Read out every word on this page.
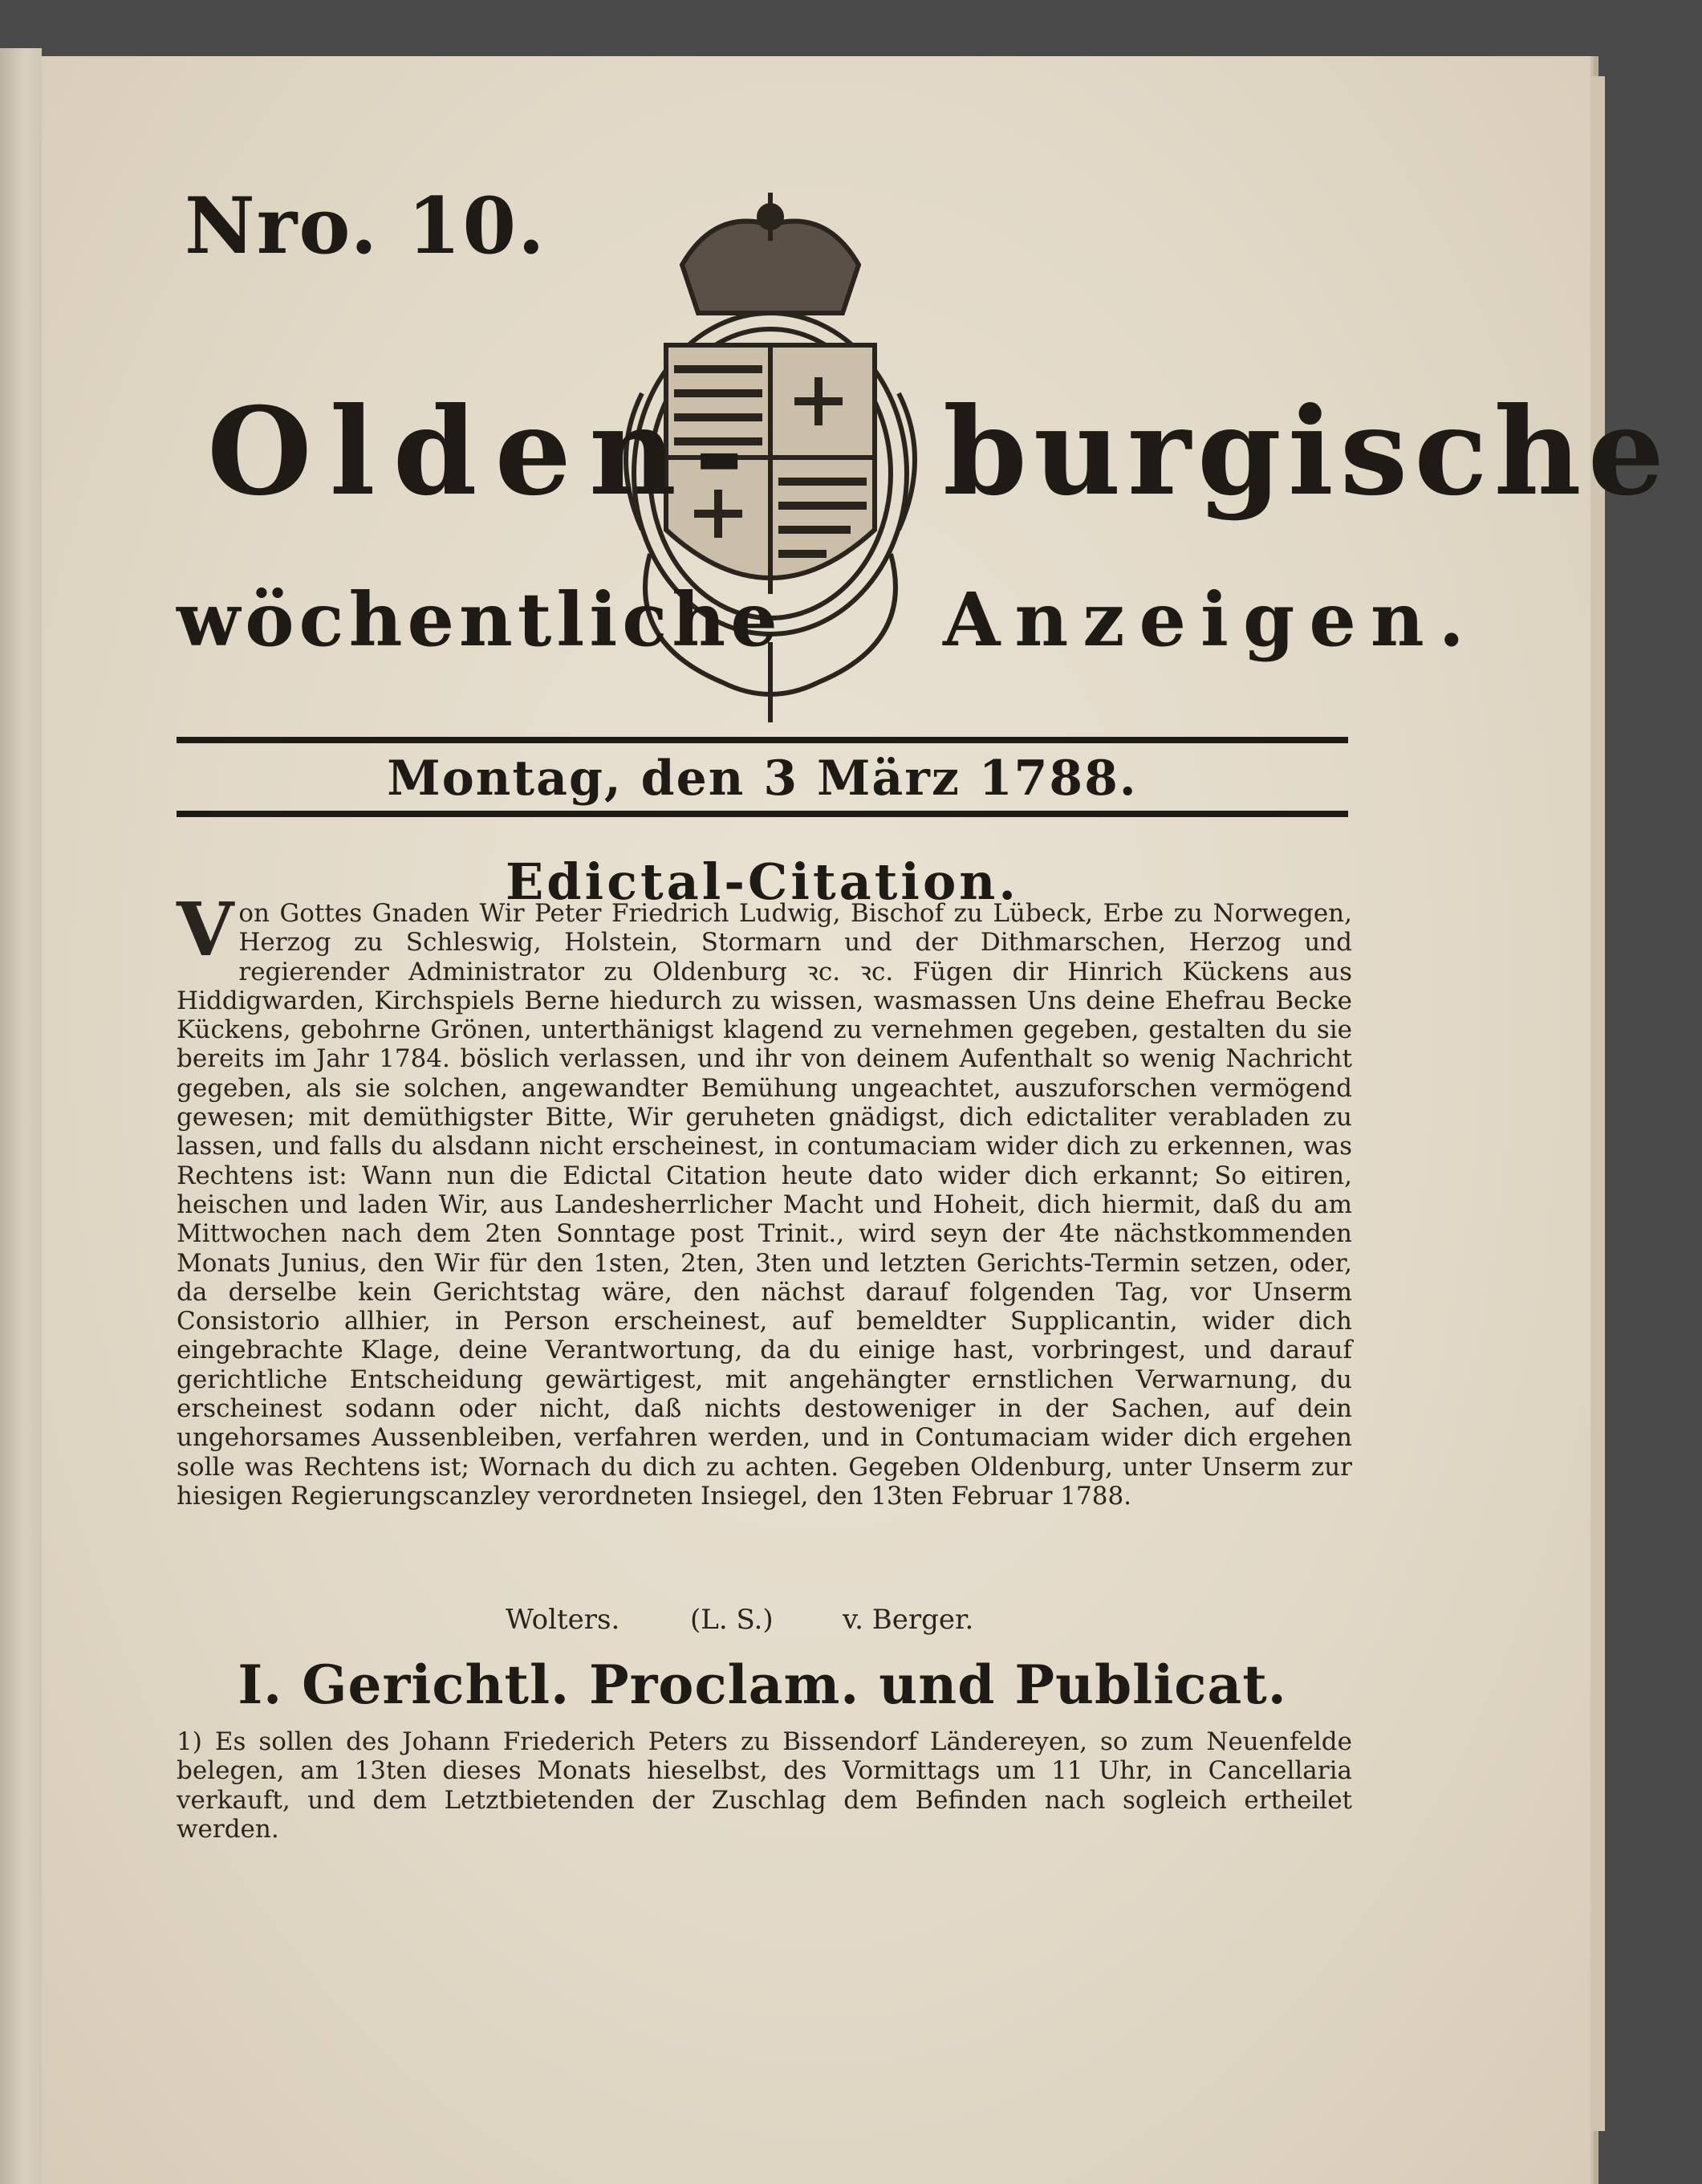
Nro. 10.
Olden- burgische
wöchentliche Anzeigen.
Montag, den 3 März 1788.
Edictal-Citation.
Von Gottes Gnaden Wir Peter Friedrich Ludwig, Bischof zu Lübeck, Erbe zu Norwegen, Herzog zu Schleswig, Holstein, Stormarn und der Dithmarschen, Herzog und regierender Administrator zu Oldenburg ꝛc. ꝛc. Fügen dir Hinrich Kückens aus Hiddigwarden, Kirchspiels Berne hiedurch zu wissen, wasmassen Uns deine Ehefrau Becke Kückens, gebohrne Grönen, unterthänigst klagend zu vernehmen gegeben, gestalten du sie bereits im Jahr 1784. böslich verlassen, und ihr von deinem Aufenthalt so wenig Nachricht gegeben, als sie solchen, angewandter Bemühung ungeachtet, auszuforschen vermögend gewesen; mit demüthigster Bitte, Wir geruheten gnädigst, dich edictaliter verabladen zu lassen, und falls du alsdann nicht erscheinest, in contumaciam wider dich zu erkennen, was Rechtens ist: Wann nun die Edictal Citation heute dato wider dich erkannt; So eitiren, heischen und laden Wir, aus Landesherrlicher Macht und Hoheit, dich hiermit, daß du am Mittwochen nach dem 2ten Sonntage post Trinit., wird seyn der 4te nächstkommenden Monats Junius, den Wir für den 1sten, 2ten, 3ten und letzten Gerichts-Termin setzen, oder, da derselbe kein Gerichtstag wäre, den nächst darauf folgenden Tag, vor Unserm Consistorio allhier, in Person erscheinest, auf bemeldter Supplicantin, wider dich eingebrachte Klage, deine Verantwortung, da du einige hast, vorbringest, und darauf gerichtliche Entscheidung gewärtigest, mit angehängter ernstlichen Verwarnung, du erscheinest sodann oder nicht, daß nichts destoweniger in der Sachen, auf dein ungehorsames Aussenbleiben, verfahren werden, und in Contumaciam wider dich ergehen solle was Rechtens ist; Wornach du dich zu achten. Gegeben Oldenburg, unter Unserm zur hiesigen Regierungscanzley verordneten Insiegel, den 13ten Februar 1788.
Wolters.	(L. S.)	v. Berger.
I. Gerichtl. Proclam. und Publicat.
1) Es sollen des Johann Friederich Peters zu Bissendorf Ländereyen, so zum Neuenfelde belegen, am 13ten dieses Monats hieselbst, des Vormittags um 11 Uhr, in Cancellaria verkauft, und dem Letztbietenden der Zuschlag dem Befinden nach sogleich ertheilet werden.
